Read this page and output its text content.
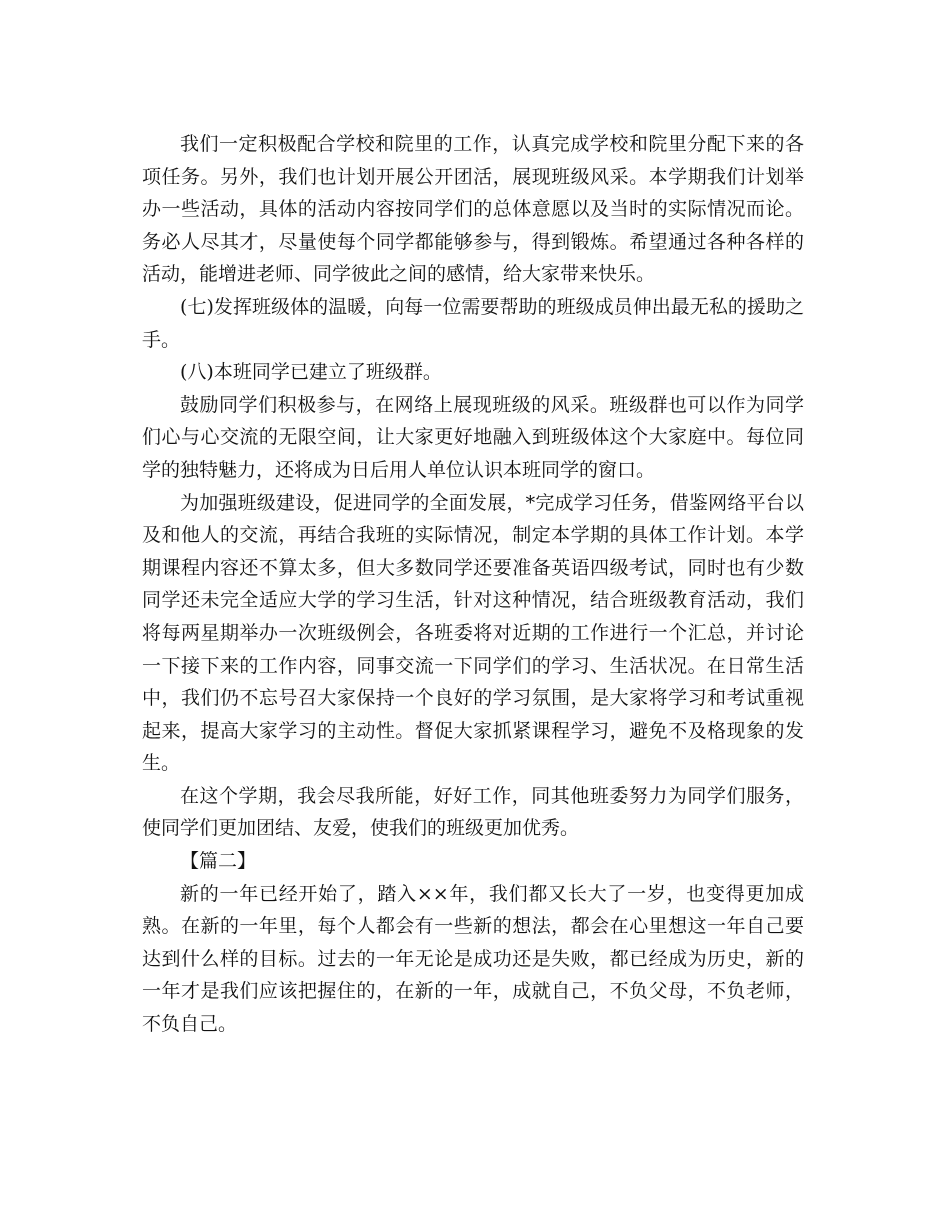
我们一定积极配合学校和院里的工作，认真完成学校和院里分配下来的各项任务。另外，我们也计划开展公开团活，展现班级风采。本学期我们计划举办一些活动，具体的活动内容按同学们的总体意愿以及当时的实际情况而论。务必人尽其才，尽量使每个同学都能够参与，得到锻炼。希望通过各种各样的活动，能增进老师、同学彼此之间的感情，给大家带来快乐。

(七)发挥班级体的温暖，向每一位需要帮助的班级成员伸出最无私的援助之手。

(八)本班同学已建立了班级群。

鼓励同学们积极参与，在网络上展现班级的风采。班级群也可以作为同学们心与心交流的无限空间，让大家更好地融入到班级体这个大家庭中。每位同学的独特魅力，还将成为日后用人单位认识本班同学的窗口。

为加强班级建设，促进同学的全面发展，*完成学习任务，借鉴网络平台以及和他人的交流，再结合我班的实际情况，制定本学期的具体工作计划。本学期课程内容还不算太多，但大多数同学还要准备英语四级考试，同时也有少数同学还未完全适应大学的学习生活，针对这种情况，结合班级教育活动，我们将每两星期举办一次班级例会，各班委将对近期的工作进行一个汇总，并讨论一下接下来的工作内容，同事交流一下同学们的学习、生活状况。在日常生活中，我们仍不忘号召大家保持一个良好的学习氛围，是大家将学习和考试重视起来，提高大家学习的主动性。督促大家抓紧课程学习，避免不及格现象的发生。

在这个学期，我会尽我所能，好好工作，同其他班委努力为同学们服务，使同学们更加团结、友爱，使我们的班级更加优秀。

【篇二】

新的一年已经开始了，踏入××年，我们都又长大了一岁，也变得更加成熟。在新的一年里，每个人都会有一些新的想法，都会在心里想这一年自己要达到什么样的目标。过去的一年无论是成功还是失败，都已经成为历史，新的一年才是我们应该把握住的，在新的一年，成就自己，不负父母，不负老师，不负自己。
